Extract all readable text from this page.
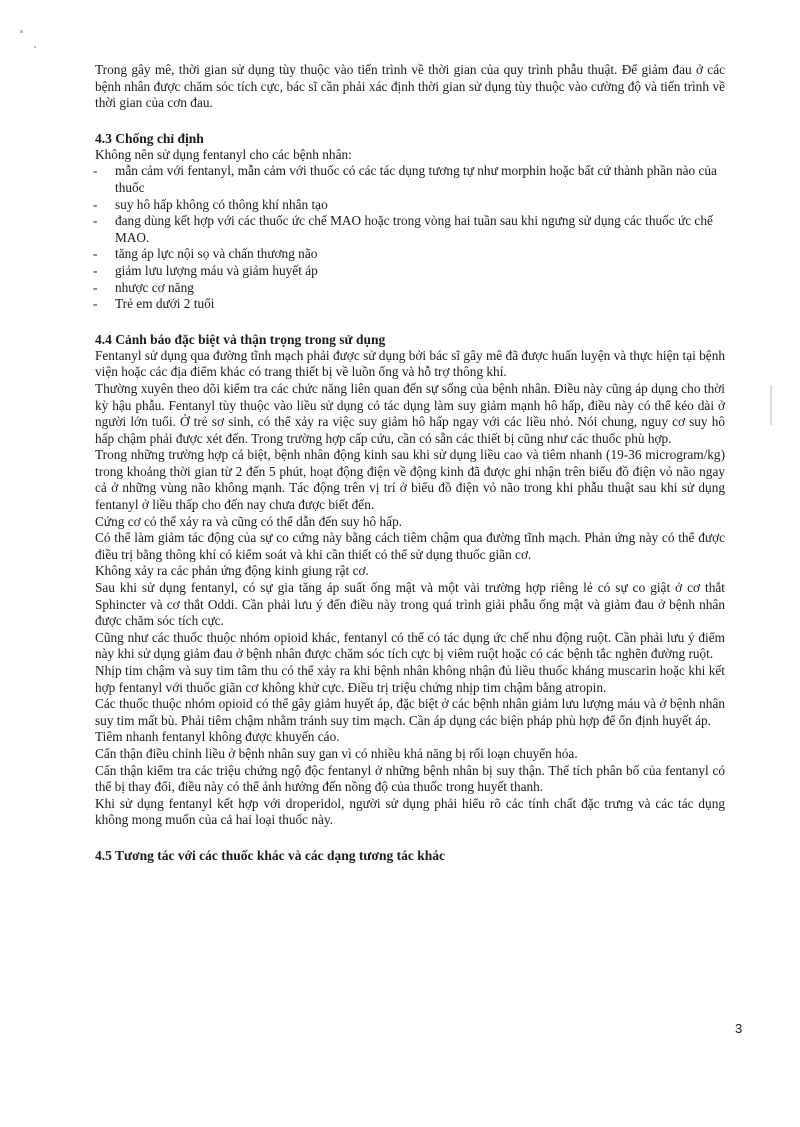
Trong gây mê, thời gian sử dụng tùy thuộc vào tiến trình về thời gian của quy trình phẫu thuật. Để giảm đau ở các bệnh nhân được chăm sóc tích cực, bác sĩ cần phải xác định thời gian sử dụng tùy thuộc vào cường độ và tiến trình về thời gian của cơn đau.

4.3 Chống chỉ định

Không nên sử dụng fentanyl cho các bệnh nhân:

- mẫn cảm với fentanyl, mẫn cảm với thuốc có các tác dụng tương tự như morphin hoặc bất cứ thành phần nào của thuốc
- suy hô hấp không có thông khí nhân tạo
- đang dùng kết hợp với các thuốc ức chế MAO hoặc trong vòng hai tuần sau khi ngưng sử dụng các thuốc ức chế MAO.
- tăng áp lực nội sọ và chấn thương não
- giảm lưu lượng máu và giảm huyết áp
- nhược cơ năng
- Trẻ em dưới 2 tuổi
4.4 Cảnh báo đặc biệt và thận trọng trong sử dụng

Fentanyl sử dụng qua đường tĩnh mạch phải được sử dụng bởi bác sĩ gây mê đã được huấn luyện và thực hiện tại bệnh viện hoặc các địa điểm khác có trang thiết bị về luồn ống và hỗ trợ thông khí.

Thường xuyên theo dõi kiểm tra các chức năng liên quan đến sự sống của bệnh nhân. Điều này cũng áp dụng cho thời kỳ hậu phẫu. Fentanyl tùy thuộc vào liều sử dụng có tác dụng làm suy giảm mạnh hô hấp, điều này có thể kéo dài ở người lớn tuổi. Ở trẻ sơ sinh, có thể xảy ra việc suy giảm hô hấp ngay với các liều nhỏ. Nói chung, nguy cơ suy hô hấp chậm phải được xét đến. Trong trường hợp cấp cứu, cần có sẵn các thiết bị cũng như các thuốc phù hợp.

Trong những trường hợp cá biệt, bệnh nhân động kinh sau khi sử dụng liều cao và tiêm nhanh (19-36 microgram/kg) trong khoảng thời gian từ 2 đến 5 phút, hoạt động điện về động kinh đã được ghi nhận trên biểu đồ điện vỏ não ngay cả ở những vùng não không mạnh. Tác động trên vị trí ở biểu đồ điện vỏ não trong khi phẫu thuật sau khi sử dụng fentanyl ở liều thấp cho đến nay chưa được biết đến.

Cứng cơ có thể xảy ra và cũng có thể dẫn đến suy hô hấp.

Có thể làm giảm tác động của sự co cứng này bằng cách tiêm chậm qua đường tĩnh mạch. Phản ứng này có thể được điều trị bằng thông khí có kiểm soát và khi cần thiết có thể sử dụng thuốc giãn cơ.

Không xảy ra các phản ứng động kinh giung rật cơ.

Sau khi sử dụng fentanyl, có sự gia tăng áp suất ống mật và một vài trường hợp riêng lẻ có sự co giật ở cơ thắt Sphincter và cơ thắt Oddi. Cần phải lưu ý đến điều này trong quá trình giải phẫu ống mật và giảm đau ở bệnh nhân được chăm sóc tích cực.

Cũng như các thuốc thuộc nhóm opioid khác, fentanyl có thể có tác dụng ức chế nhu động ruột. Cần phải lưu ý điểm này khi sử dụng giảm đau ở bệnh nhân được chăm sóc tích cực bị viêm ruột hoặc có các bệnh tắc nghẽn đường ruột.

Nhịp tim chậm và suy tim tâm thu có thể xảy ra khi bệnh nhân không nhận đủ liều thuốc kháng muscarin hoặc khi kết hợp fentanyl với thuốc giãn cơ không khử cực. Điều trị triệu chứng nhịp tim chậm bằng atropin.

Các thuốc thuộc nhóm opioid có thể gây giảm huyết áp, đặc biệt ở các bệnh nhân giảm lưu lượng máu và ở bệnh nhân suy tim mất bù. Phải tiêm chậm nhằm tránh suy tim mạch. Cần áp dụng các biện pháp phù hợp để ổn định huyết áp.

Tiêm nhanh fentanyl không được khuyến cáo.

Cẩn thận điều chỉnh liều ở bệnh nhân suy gan vì có nhiều khả năng bị rối loạn chuyển hóa.

Cẩn thận kiểm tra các triệu chứng ngộ độc fentanyl ở những bệnh nhân bị suy thận. Thể tích phân bố của fentanyl có thể bị thay đổi, điều này có thể ảnh hưởng đến nồng độ của thuốc trong huyết thanh.

Khi sử dụng fentanyl kết hợp với droperidol, người sử dụng phải hiểu rõ các tính chất đặc trưng và các tác dụng không mong muốn của cả hai loại thuốc này.

4.5 Tương tác với các thuốc khác và các dạng tương tác khác
3
